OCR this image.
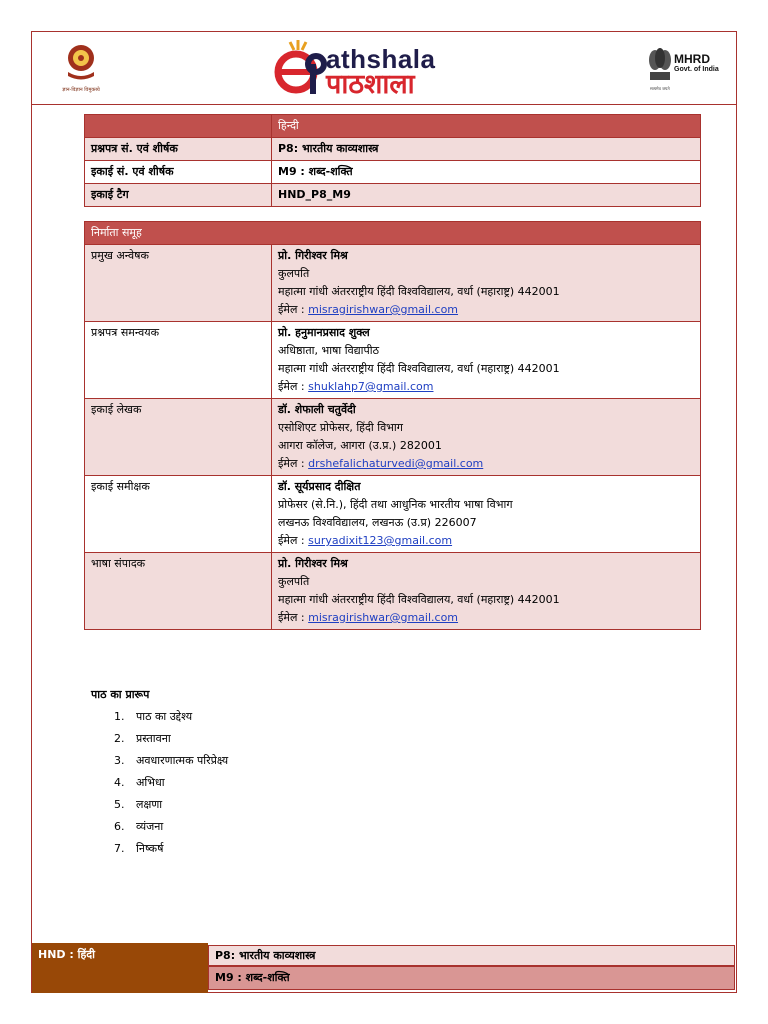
ज्ञान-विज्ञान विमुक्तये
athshala
पाठशाला
MHRD
Govt. of India
सत्यमेव जयते
	हिन्दी
प्रश्नपत्र सं. एवं शीर्षक	P8: भारतीय काव्यशास्त्र
इकाई सं. एवं शीर्षक	M9 : शब्द-शक्ति
इकाई टैग	HND_P8_M9
निर्माता समूह	
प्रमुख अन्वेषक	प्रो. गिरीश्वर मिश्र
कुलपति
महात्मा गांधी अंतरराष्ट्रीय हिंदी विश्वविद्यालय, वर्धा (महाराष्ट्र) 442001
ईमेल : misragirishwar@gmail.com

प्रश्नपत्र समन्वयक	प्रो. हनुमानप्रसाद शुक्ल
अधिष्ठाता, भाषा विद्यापीठ
महात्मा गांधी अंतरराष्ट्रीय हिंदी विश्वविद्यालय, वर्धा (महाराष्ट्र) 442001
ईमेल : shuklahp7@gmail.com

इकाई लेखक	डॉ. शेफाली चतुर्वेदी
एसोशिएट प्रोफेसर, हिंदी विभाग
आगरा कॉलेज, आगरा (उ.प्र.) 282001
ईमेल : drshefalichaturvedi@gmail.com

इकाई समीक्षक	डॉ. सूर्यप्रसाद दीक्षित
प्रोफेसर (से.नि.), हिंदी तथा आधुनिक भारतीय भाषा विभाग
लखनऊ विश्वविद्यालय, लखनऊ (उ.प्र) 226007
ईमेल : suryadixit123@gmail.com

भाषा संपादक	प्रो. गिरीश्वर मिश्र
कुलपति
महात्मा गांधी अंतरराष्ट्रीय हिंदी विश्वविद्यालय, वर्धा (महाराष्ट्र) 442001
ईमेल : misragirishwar@gmail.com
पाठ का प्रारूप
1. पाठ का उद्देश्य
2. प्रस्तावना
3. अवधारणात्मक परिप्रेक्ष्य
4. अभिधा
5. लक्षणा
6. व्यंजना
7. निष्कर्ष
HND : हिंदी	P8: भारतीय काव्यशास्त्र
M9 : शब्द-शक्ति
